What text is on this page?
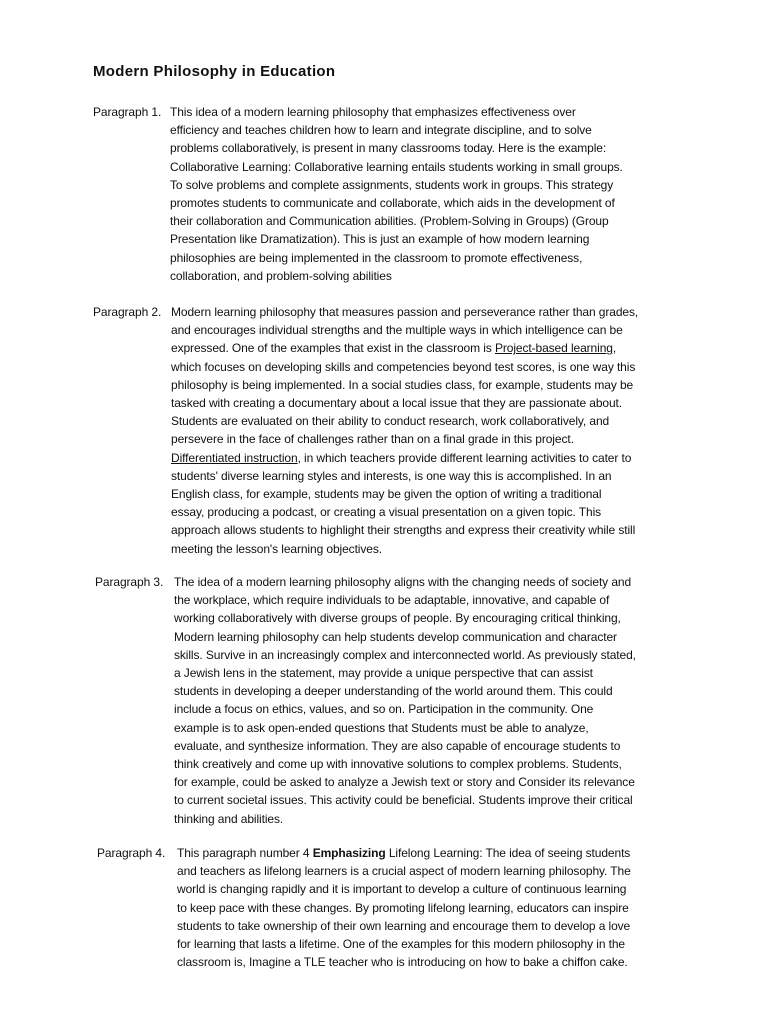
Modern Philosophy in Education
Paragraph 1. This idea of a modern learning philosophy that emphasizes effectiveness over
efficiency and teaches children how to learn and integrate discipline, and to solve
problems collaboratively, is present in many classrooms today. Here is the example:
Collaborative Learning: Collaborative learning entails students working in small groups.
To solve problems and complete assignments, students work in groups. This strategy
promotes students to communicate and collaborate, which aids in the development of
their collaboration and Communication abilities. (Problem-Solving in Groups) (Group
Presentation like Dramatization). This is just an example of how modern learning
philosophies are being implemented in the classroom to promote effectiveness,
collaboration, and problem-solving abilities
Paragraph 2. Modern learning philosophy that measures passion and perseverance rather than grades,
and encourages individual strengths and the multiple ways in which intelligence can be
expressed. One of the examples that exist in the classroom is Project-based learning,
which focuses on developing skills and competencies beyond test scores, is one way this
philosophy is being implemented. In a social studies class, for example, students may be
tasked with creating a documentary about a local issue that they are passionate about.
Students are evaluated on their ability to conduct research, work collaboratively, and
persevere in the face of challenges rather than on a final grade in this project.
Differentiated instruction, in which teachers provide different learning activities to cater to
students' diverse learning styles and interests, is one way this is accomplished. In an
English class, for example, students may be given the option of writing a traditional
essay, producing a podcast, or creating a visual presentation on a given topic. This
approach allows students to highlight their strengths and express their creativity while still
meeting the lesson's learning objectives.
Paragraph 3. The idea of a modern learning philosophy aligns with the changing needs of society and
the workplace, which require individuals to be adaptable, innovative, and capable of
working collaboratively with diverse groups of people. By encouraging critical thinking,
Modern learning philosophy can help students develop communication and character
skills. Survive in an increasingly complex and interconnected world. As previously stated,
a Jewish lens in the statement, may provide a unique perspective that can assist
students in developing a deeper understanding of the world around them. This could
include a focus on ethics, values, and so on. Participation in the community. One
example is to ask open-ended questions that Students must be able to analyze,
evaluate, and synthesize information. They are also capable of encourage students to
think creatively and come up with innovative solutions to complex problems. Students,
for example, could be asked to analyze a Jewish text or story and Consider its relevance
to current societal issues. This activity could be beneficial. Students improve their critical
thinking and abilities.
Paragraph 4. This paragraph number 4 Emphasizing Lifelong Learning: The idea of seeing students
and teachers as lifelong learners is a crucial aspect of modern learning philosophy. The
world is changing rapidly and it is important to develop a culture of continuous learning
to keep pace with these changes. By promoting lifelong learning, educators can inspire
students to take ownership of their own learning and encourage them to develop a love
for learning that lasts a lifetime. One of the examples for this modern philosophy in the
classroom is, Imagine a TLE teacher who is introducing on how to bake a chiffon cake.
